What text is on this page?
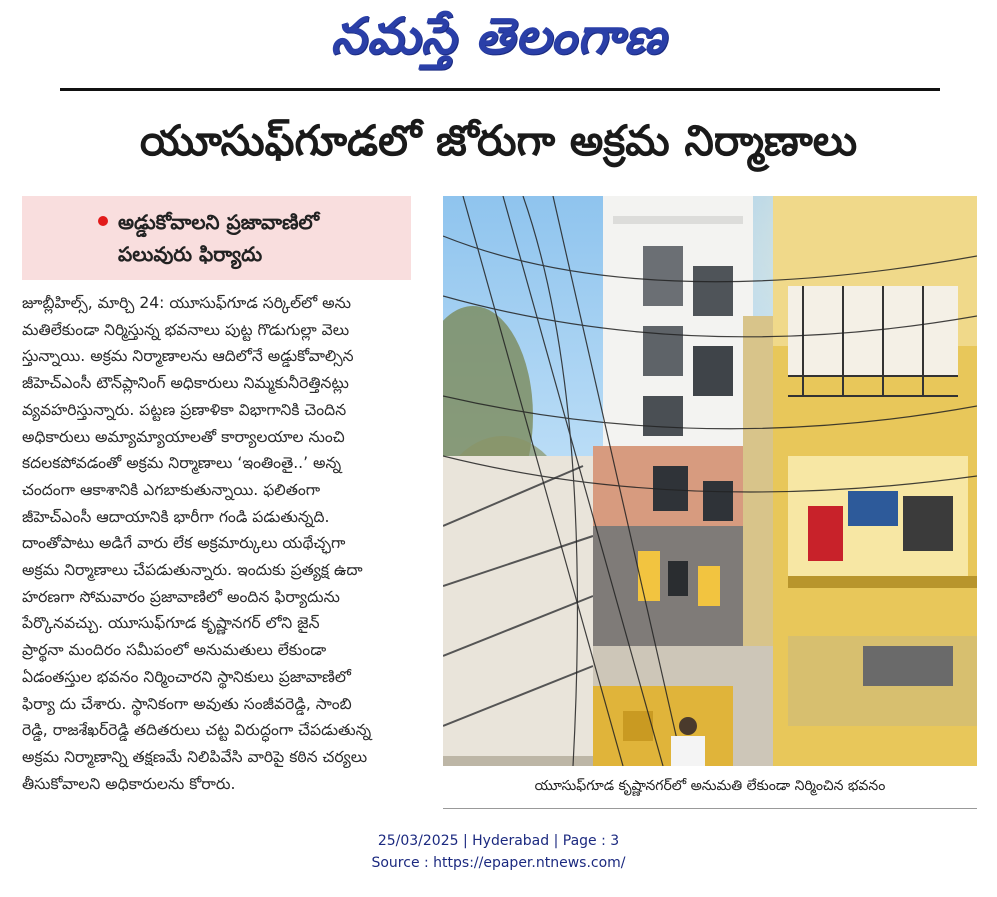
నమస్తే తెలంగాణ
యూసుఫ్‌గూడలో జోరుగా అక్రమ నిర్మాణాలు
అడ్డుకోవాలని ప్రజావాణిలో
పలువురు ఫిర్యాదు

జూబ్లీహిల్స్, మార్చి 24: యూసుఫ్‌గూడ సర్కిల్‌లో అను

మతిలేకుండా నిర్మిస్తున్న భవనాలు పుట్ట గొడుగుల్లా వెలు

స్తున్నాయి. అక్రమ నిర్మాణాలను ఆదిలోనే అడ్డుకోవాల్సిన

జీహెచ్ఎంసీ టౌన్‌ప్లానింగ్ అధికారులు నిమ్మకునీరెత్తినట్లు

వ్యవహరిస్తున్నారు. పట్టణ ప్రణాళికా విభాగానికి చెందిన

అధికారులు అమ్యామ్యాయాలతో కార్యాలయాల నుంచి

కదలకపోవడంతో అక్రమ నిర్మాణాలు ‘ఇంతింతై..’ అన్న

చందంగా ఆకాశానికి ఎగబాకుతున్నాయి. ఫలితంగా

జీహెచ్ఎంసీ ఆదాయానికి భారీగా గండి పడుతున్నది.

దాంతోపాటు అడిగే వారు లేక అక్రమార్కులు యథేచ్ఛగా

అక్రమ నిర్మాణాలు చేపడుతున్నారు. ఇందుకు ప్రత్యక్ష ఉదా

హరణగా సోమవారం ప్రజావాణిలో అందిన ఫిర్యాదును

పేర్కొనవచ్చు. యూసుఫ్‌గూడ కృష్ణానగర్ లోని జైన్

ప్రార్థనా మందిరం సమీపంలో అనుమతులు లేకుండా

ఏడంతస్తుల భవనం నిర్మించారని స్థానికులు ప్రజావాణిలో

ఫిర్యా దు చేశారు. స్థానికంగా అవుతు సంజీవరెడ్డి, సాంబి

రెడ్డి, రాజశేఖర్‌రెడ్డి తదితరులు చట్ట విరుద్ధంగా చేపడుతున్న

అక్రమ నిర్మాణాన్ని తక్షణమే నిలిపివేసి వారిపై కఠిన చర్యలు

తీసుకోవాలని అధికారులను కోరారు.	యూసుఫ్‌గూడ కృష్ణానగర్‌లో అనుమతి లేకుండా నిర్మించిన భవనం
25/03/2025 | Hyderabad | Page : 3
Source : https://epaper.ntnews.com/
